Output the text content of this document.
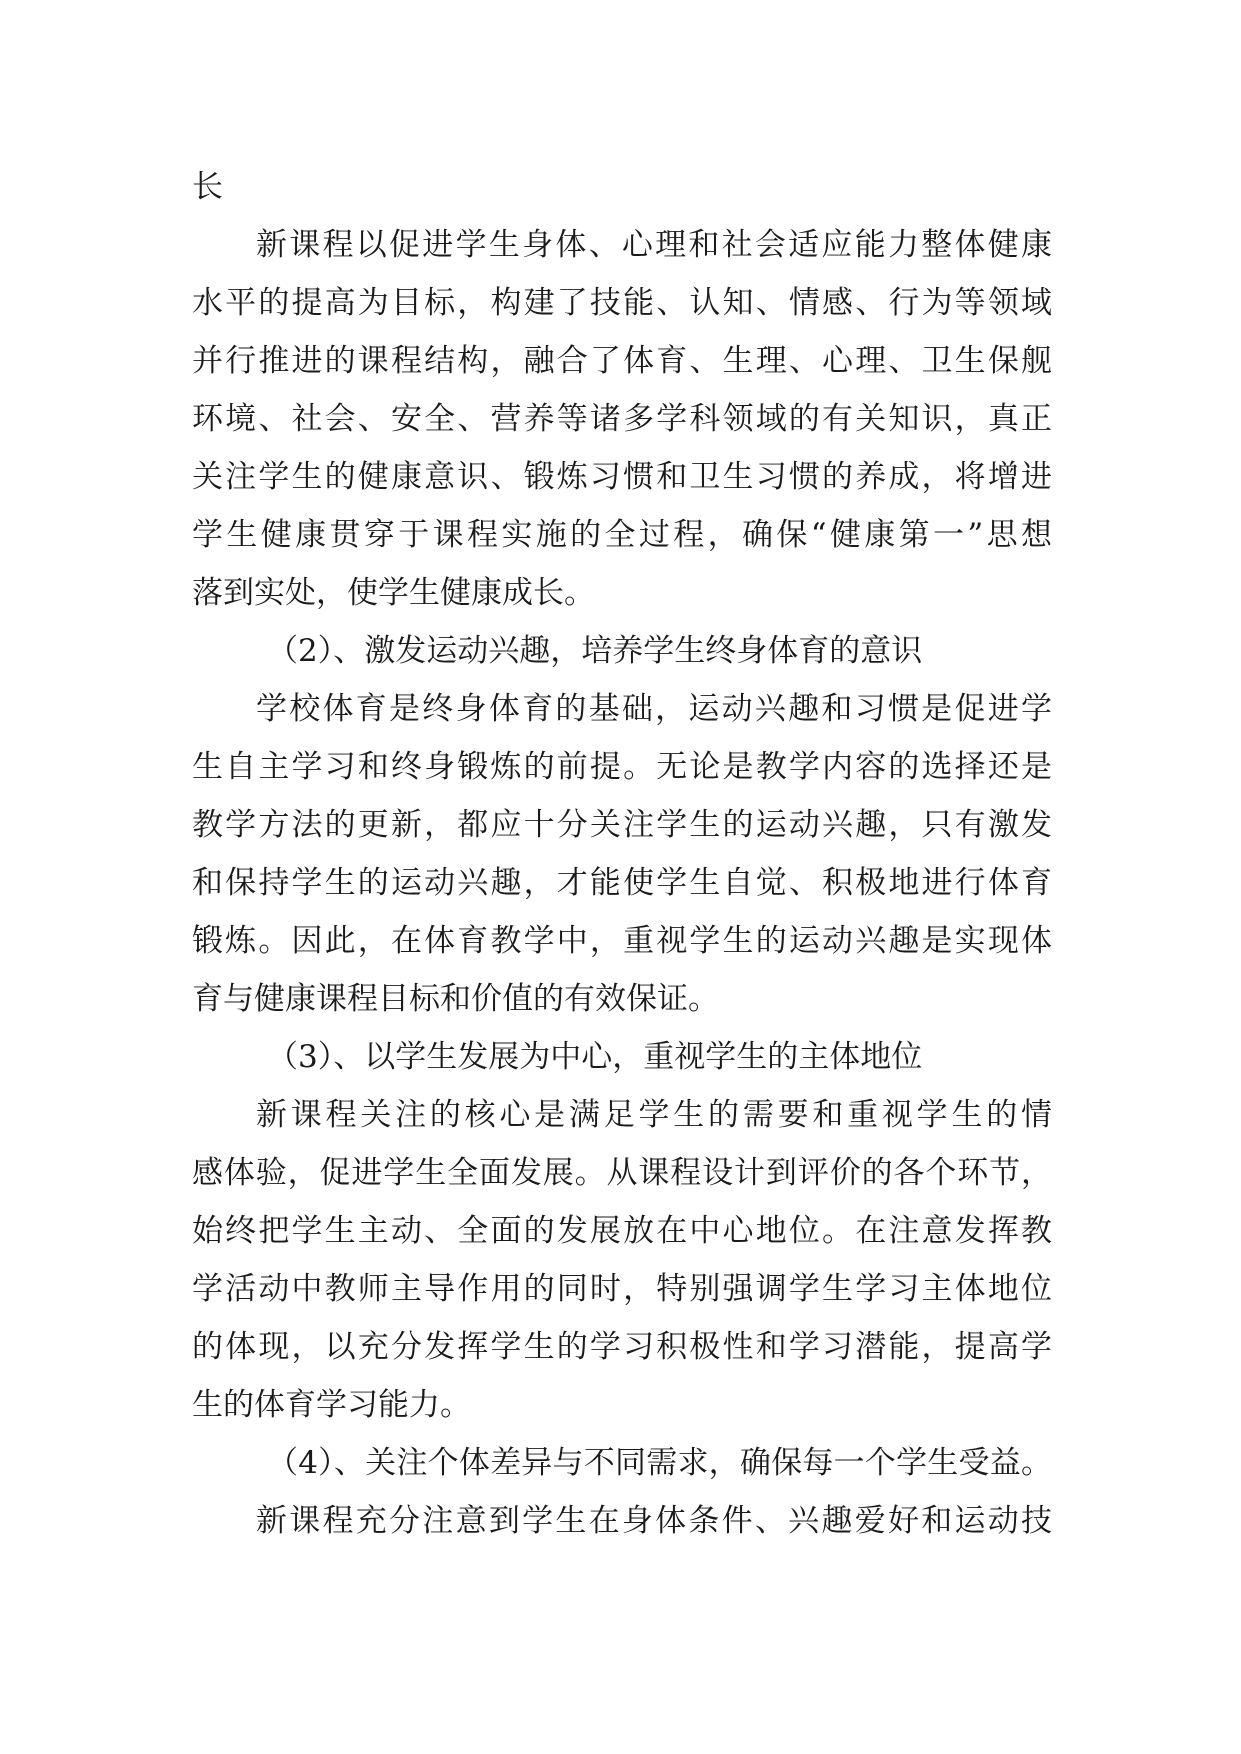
长
新课程以促进学生身体、心理和社会适应能力整体健康
水平的提高为目标，构建了技能、认知、情感、行为等领域
并行推进的课程结构，融合了体育、生理、心理、卫生保舰
环境、社会、安全、营养等诸多学科领域的有关知识，真正
关注学生的健康意识、锻炼习惯和卫生习惯的养成，将增进
学生健康贯穿于课程实施的全过程，确保“健康第一”思想
落到实处，使学生健康成长。
（2）、激发运动兴趣，培养学生终身体育的意识
学校体育是终身体育的基础，运动兴趣和习惯是促进学
生自主学习和终身锻炼的前提。无论是教学内容的选择还是
教学方法的更新，都应十分关注学生的运动兴趣，只有激发
和保持学生的运动兴趣，才能使学生自觉、积极地进行体育
锻炼。因此，在体育教学中，重视学生的运动兴趣是实现体
育与健康课程目标和价值的有效保证。
（3）、以学生发展为中心，重视学生的主体地位
新课程关注的核心是满足学生的需要和重视学生的情
感体验，促进学生全面发展。从课程设计到评价的各个环节，
始终把学生主动、全面的发展放在中心地位。在注意发挥教
学活动中教师主导作用的同时，特别强调学生学习主体地位
的体现，以充分发挥学生的学习积极性和学习潜能，提高学
生的体育学习能力。
（4）、关注个体差异与不同需求，确保每一个学生受益。
新课程充分注意到学生在身体条件、兴趣爱好和运动技
